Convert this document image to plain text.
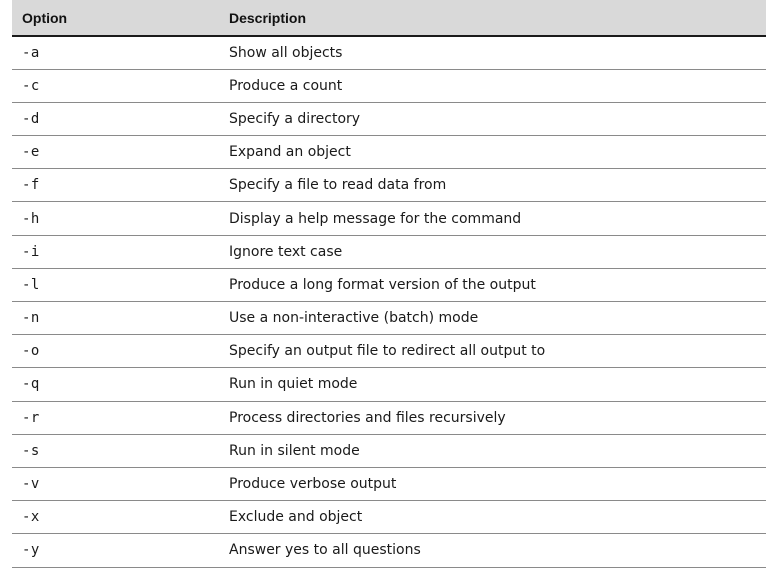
Option	Description
-a	Show all objects
-c	Produce a count
-d	Specify a directory
-e	Expand an object
-f	Specify a file to read data from
-h	Display a help message for the command
-i	Ignore text case
-l	Produce a long format version of the output
-n	Use a non-interactive (batch) mode
-o	Specify an output file to redirect all output to
-q	Run in quiet mode
-r	Process directories and files recursively
-s	Run in silent mode
-v	Produce verbose output
-x	Exclude and object
-y	Answer yes to all questions
